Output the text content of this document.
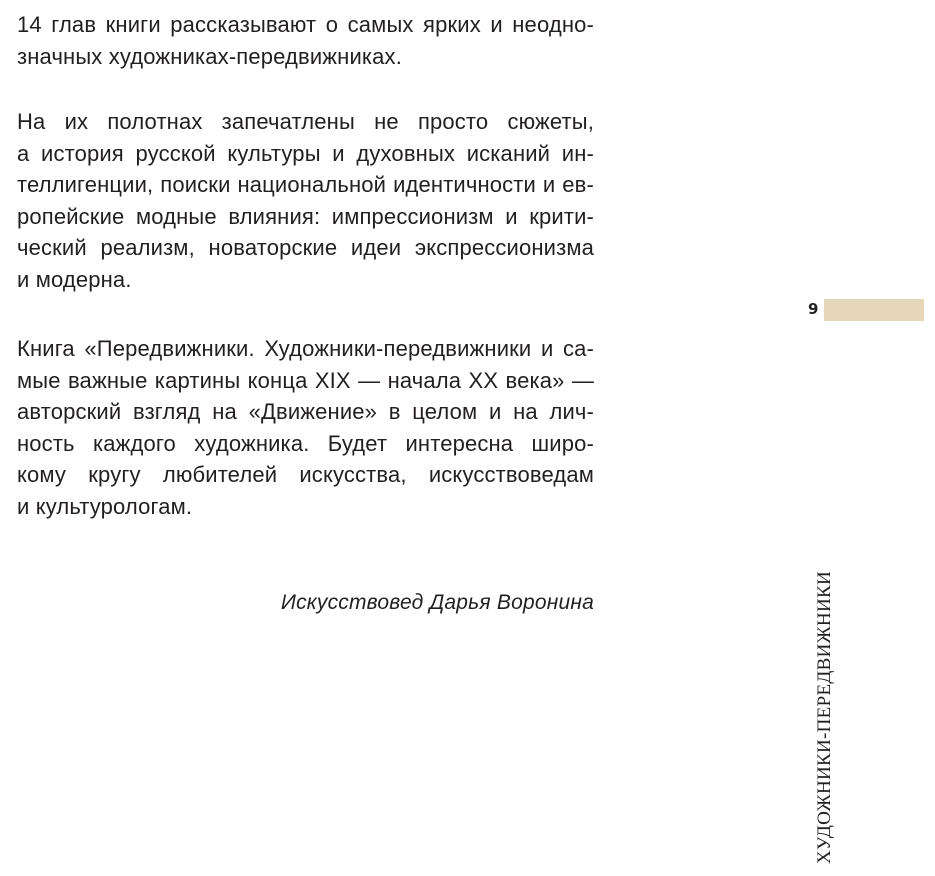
14 глав книги рассказывают о самых ярких и неодно-
значных художниках-передвижниках.
На их полотнах запечатлены не просто сюжеты,
а история русской культуры и духовных исканий ин-
теллигенции, поиски национальной идентичности и ев-
ропейские модные влияния: импрессионизм и крити-
ческий реализм, новаторские идеи экспрессионизма
и модерна.
Книга «Передвижники. Художники-передвижники и са-
мые важные картины конца XIX — начала XX века» —
авторский взгляд на «Движение» в целом и на лич-
ность каждого художника. Будет интересна широ-
кому кругу любителей искусства, искусствоведам
и культурологам.

Искусствовед Дарья Воронина

9
ХУДОЖНИКИ-ПЕРЕДВИЖНИКИ
